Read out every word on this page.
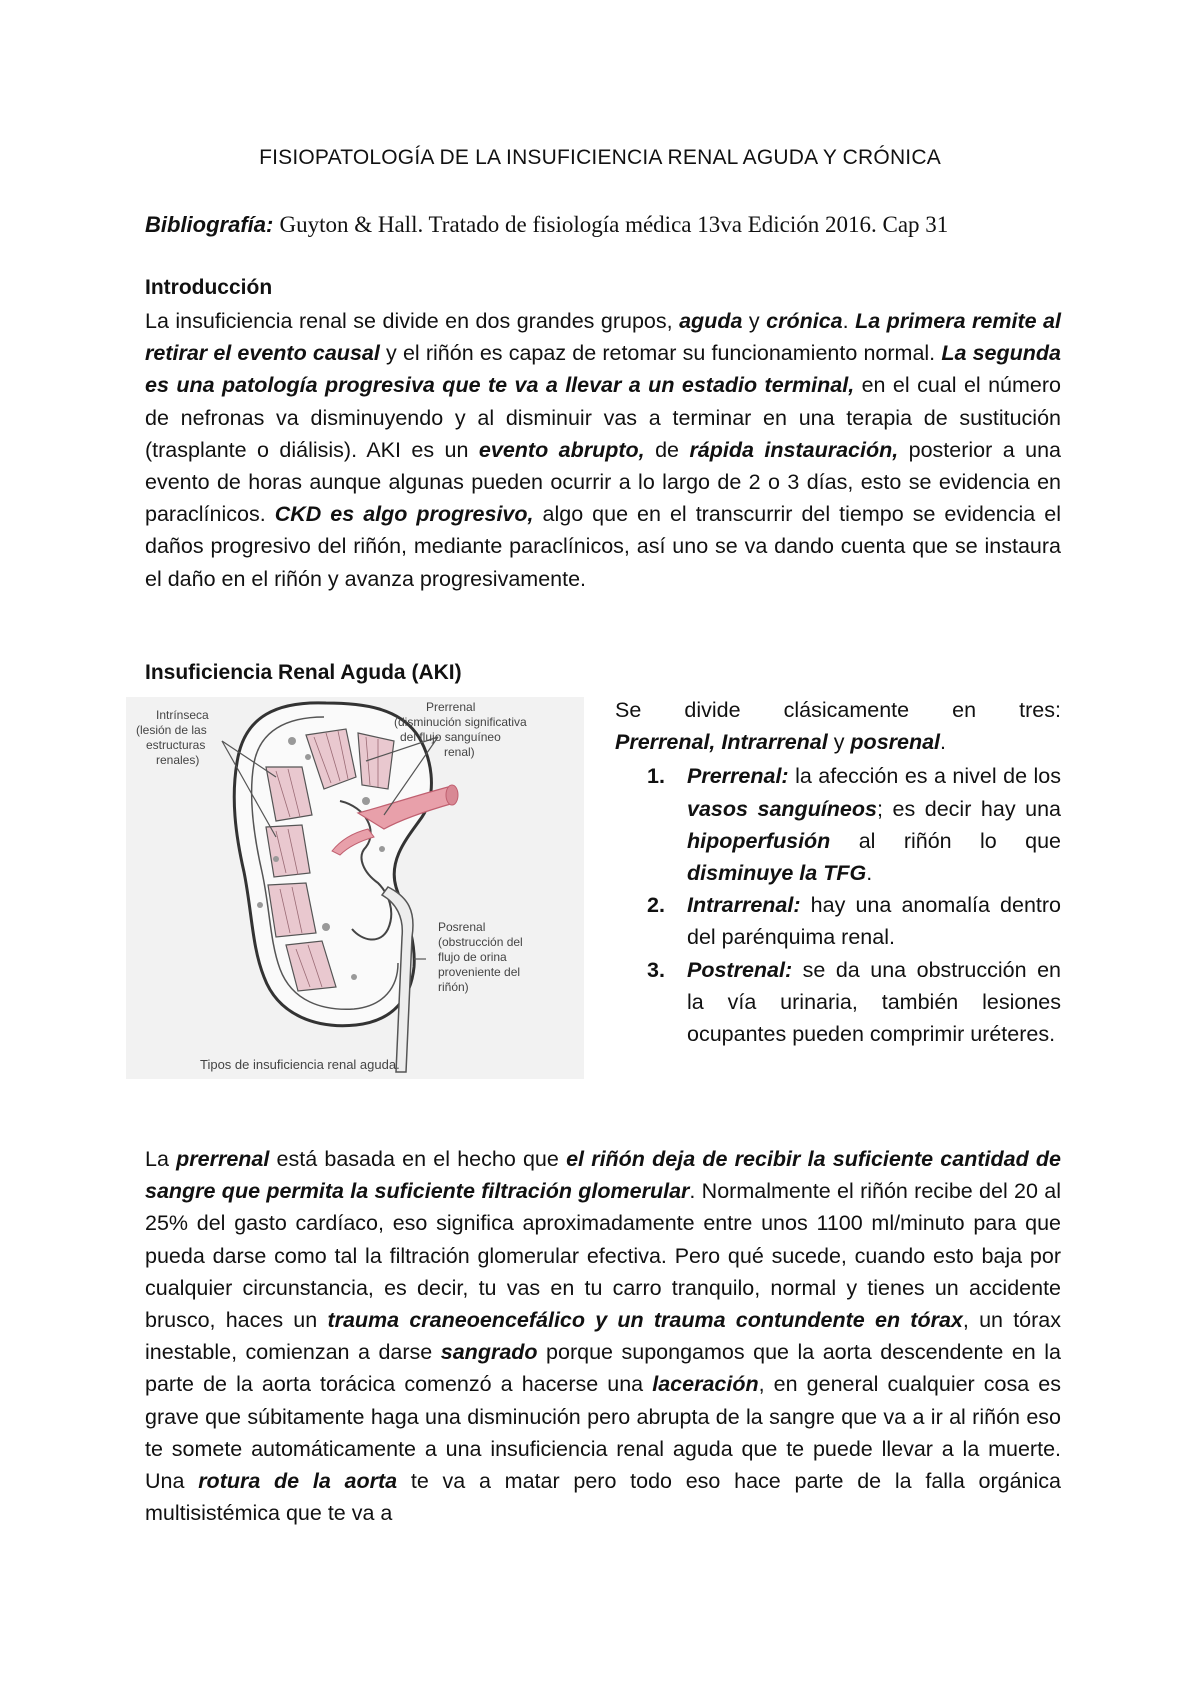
FISIOPATOLOGÍA DE LA INSUFICIENCIA RENAL AGUDA Y CRÓNICA
Bibliografía: Guyton & Hall. Tratado de fisiología médica 13va Edición 2016. Cap 31
Introducción
La insuficiencia renal se divide en dos grandes grupos, aguda y crónica. La primera remite al retirar el evento causal y el riñón es capaz de retomar su funcionamiento normal. La segunda es una patología progresiva que te va a llevar a un estadio terminal, en el cual el número de nefronas va disminuyendo y al disminuir vas a terminar en una terapia de sustitución (trasplante o diálisis). AKI es un evento abrupto, de rápida instauración, posterior a una evento de horas aunque algunas pueden ocurrir a lo largo de 2 o 3 días, esto se evidencia en paraclínicos. CKD es algo progresivo, algo que en el transcurrir del tiempo se evidencia el daños progresivo del riñón, mediante paraclínicos, así uno se va dando cuenta que se instaura el daño en el riñón y avanza progresivamente.
Insuficiencia Renal Aguda (AKI)
Intrínseca
(lesión de las
estructuras
renales)
Prerrenal
(disminución significativa
del flujo sanguíneo
renal)
Posrenal
(obstrucción del
flujo de orina
proveniente del
riñón)
Tipos de insuficiencia renal aguda.
Se divide clásicamente en tres:
Prerrenal, Intrarrenal y posrenal.
1. Prerrenal: la afección es a nivel de los vasos sanguíneos; es decir hay una hipoperfusión al riñón lo que disminuye la TFG.
2. Intrarrenal: hay una anomalía dentro del parénquima renal.
3. Postrenal: se da una obstrucción en la vía urinaria, también lesiones ocupantes pueden comprimir uréteres.
La prerrenal está basada en el hecho que el riñón deja de recibir la suficiente cantidad de sangre que permita la suficiente filtración glomerular. Normalmente el riñón recibe del 20 al 25% del gasto cardíaco, eso significa aproximadamente entre unos 1100 ml/minuto para que pueda darse como tal la filtración glomerular efectiva. Pero qué sucede, cuando esto baja por cualquier circunstancia, es decir, tu vas en tu carro tranquilo, normal y tienes un accidente brusco, haces un trauma craneoencefálico y un trauma contundente en tórax, un tórax inestable, comienzan a darse sangrado porque supongamos que la aorta descendente en la parte de la aorta torácica comenzó a hacerse una laceración, en general cualquier cosa es grave que súbitamente haga una disminución pero abrupta de la sangre que va a ir al riñón eso te somete automáticamente a una insuficiencia renal aguda que te puede llevar a la muerte. Una rotura de la aorta te va a matar pero todo eso hace parte de la falla orgánica multisistémica que te va a
